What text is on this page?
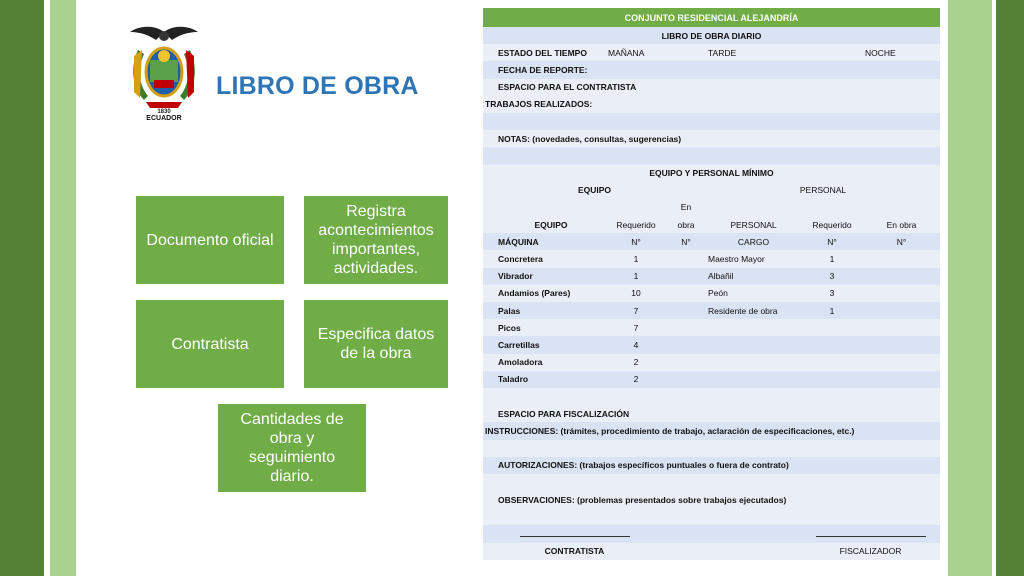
1830
ECUADOR
LIBRO DE OBRA
Documento oficial
Registra acontecimientos importantes, actividades.
Contratista
Especifica datos de la obra
Cantidades de obra y seguimiento diario.
CONJUNTO RESIDENCIAL ALEJANDRÍA						
LIBRO DE OBRA DIARIO						
	ESTADO DEL TIEMPO	MAÑANA		TARDE		NOCHE
	FECHA DE REPORTE:					
	ESPACIO PARA EL CONTRATISTA					
TRABAJOS REALIZADOS:						

	NOTAS: (novedades, consultas, sugerencias)					

EQUIPO Y PERSONAL MÍNIMO						
EQUIPO				PERSONAL		
			En			
	EQUIPO	Requerido	obra	PERSONAL	Requerido	En obra
	MÁQUINA	N°	N°	CARGO	N°	N°
	Concretera	1		Maestro Mayor	1	
	Vibrador	1		Albañil	3	
	Andamios (Pares)	10		Peón	3	
	Palas	7		Residente de obra	1	
	Picos	7				
	Carretillas	4				
	Amoladora	2				
	Taladro	2				

	ESPACIO PARA FISCALIZACIÓN					
INSTRUCCIONES: (trámites, procedimiento de trabajo, aclaración de especificaciones, etc.)						

	AUTORIZACIONES: (trabajos específicos puntuales o fuera de contrato)					

	OBSERVACIONES: (problemas presentados sobre trabajos ejecutados)					

CONTRATISTA					FISCALIZADOR	
